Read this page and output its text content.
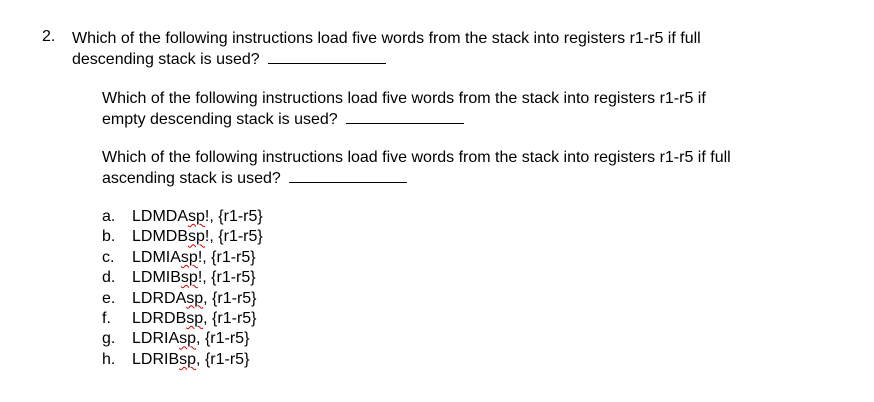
2. Which of the following instructions load five words from the stack into registers r1-r5 if full
descending stack is used?
Which of the following instructions load five words from the stack into registers r1-r5 if
empty descending stack is used?
Which of the following instructions load five words from the stack into registers r1-r5 if full
ascending stack is used?
a.	LDMDA sp !,
{r1-r5}
b.	LDMDB sp !,
{r1-r5}
c.	LDMIA sp !,
{r1-r5}
d.	LDMIB sp !,
{r1-r5}
e.	LDRDA sp ,
{r1-r5}
f.	LDRDB sp ,
{r1-r5}
g.	LDRIA sp ,
{r1-r5}
h.	LDRIB sp ,
{r1-r5}
